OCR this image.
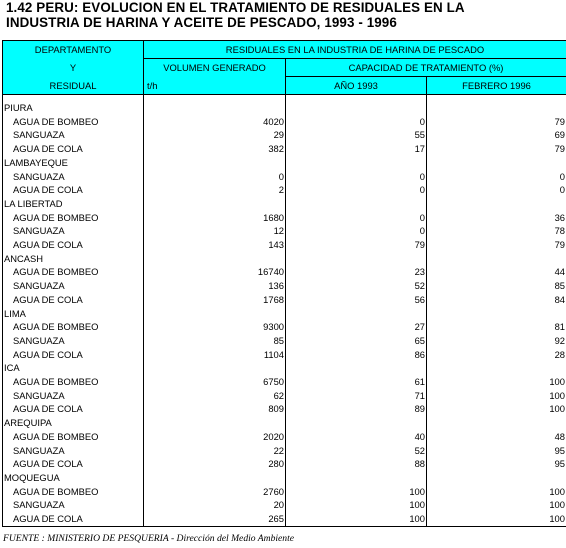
1.42 PERU: EVOLUCION EN EL TRATAMIENTO DE RESIDUALES EN LA
INDUSTRIA DE HARINA Y ACEITE DE PESCADO, 1993 - 1996
DEPARTAMENTO	RESIDUALES EN LA INDUSTRIA DE HARINA DE PESCADO		
Y	VOLUMEN GENERADO	CAPACIDAD DE TRATAMIENTO (%)	
RESIDUAL	t/h	AÑO 1993	FEBRERO 1996

PIURA			
AGUA DE BOMBEO	4020	0	79
SANGUAZA	29	55	69
AGUA DE COLA	382	17	79
LAMBAYEQUE			
SANGUAZA	0	0	0
AGUA DE COLA	2	0	0
LA LIBERTAD			
AGUA DE BOMBEO	1680	0	36
SANGUAZA	12	0	78
AGUA DE COLA	143	79	79
ANCASH			
AGUA DE BOMBEO	16740	23	44
SANGUAZA	136	52	85
AGUA DE COLA	1768	56	84
LIMA			
AGUA DE BOMBEO	9300	27	81
SANGUAZA	85	65	92
AGUA DE COLA	1104	86	28
ICA			
AGUA DE BOMBEO	6750	61	100
SANGUAZA	62	71	100
AGUA DE COLA	809	89	100
AREQUIPA			
AGUA DE BOMBEO	2020	40	48
SANGUAZA	22	52	95
AGUA DE COLA	280	88	95
MOQUEGUA			
AGUA DE BOMBEO	2760	100	100
SANGUAZA	20	100	100
AGUA DE COLA	265	100	100
FUENTE : MINISTERIO DE PESQUERIA - Dirección del Medio Ambiente
